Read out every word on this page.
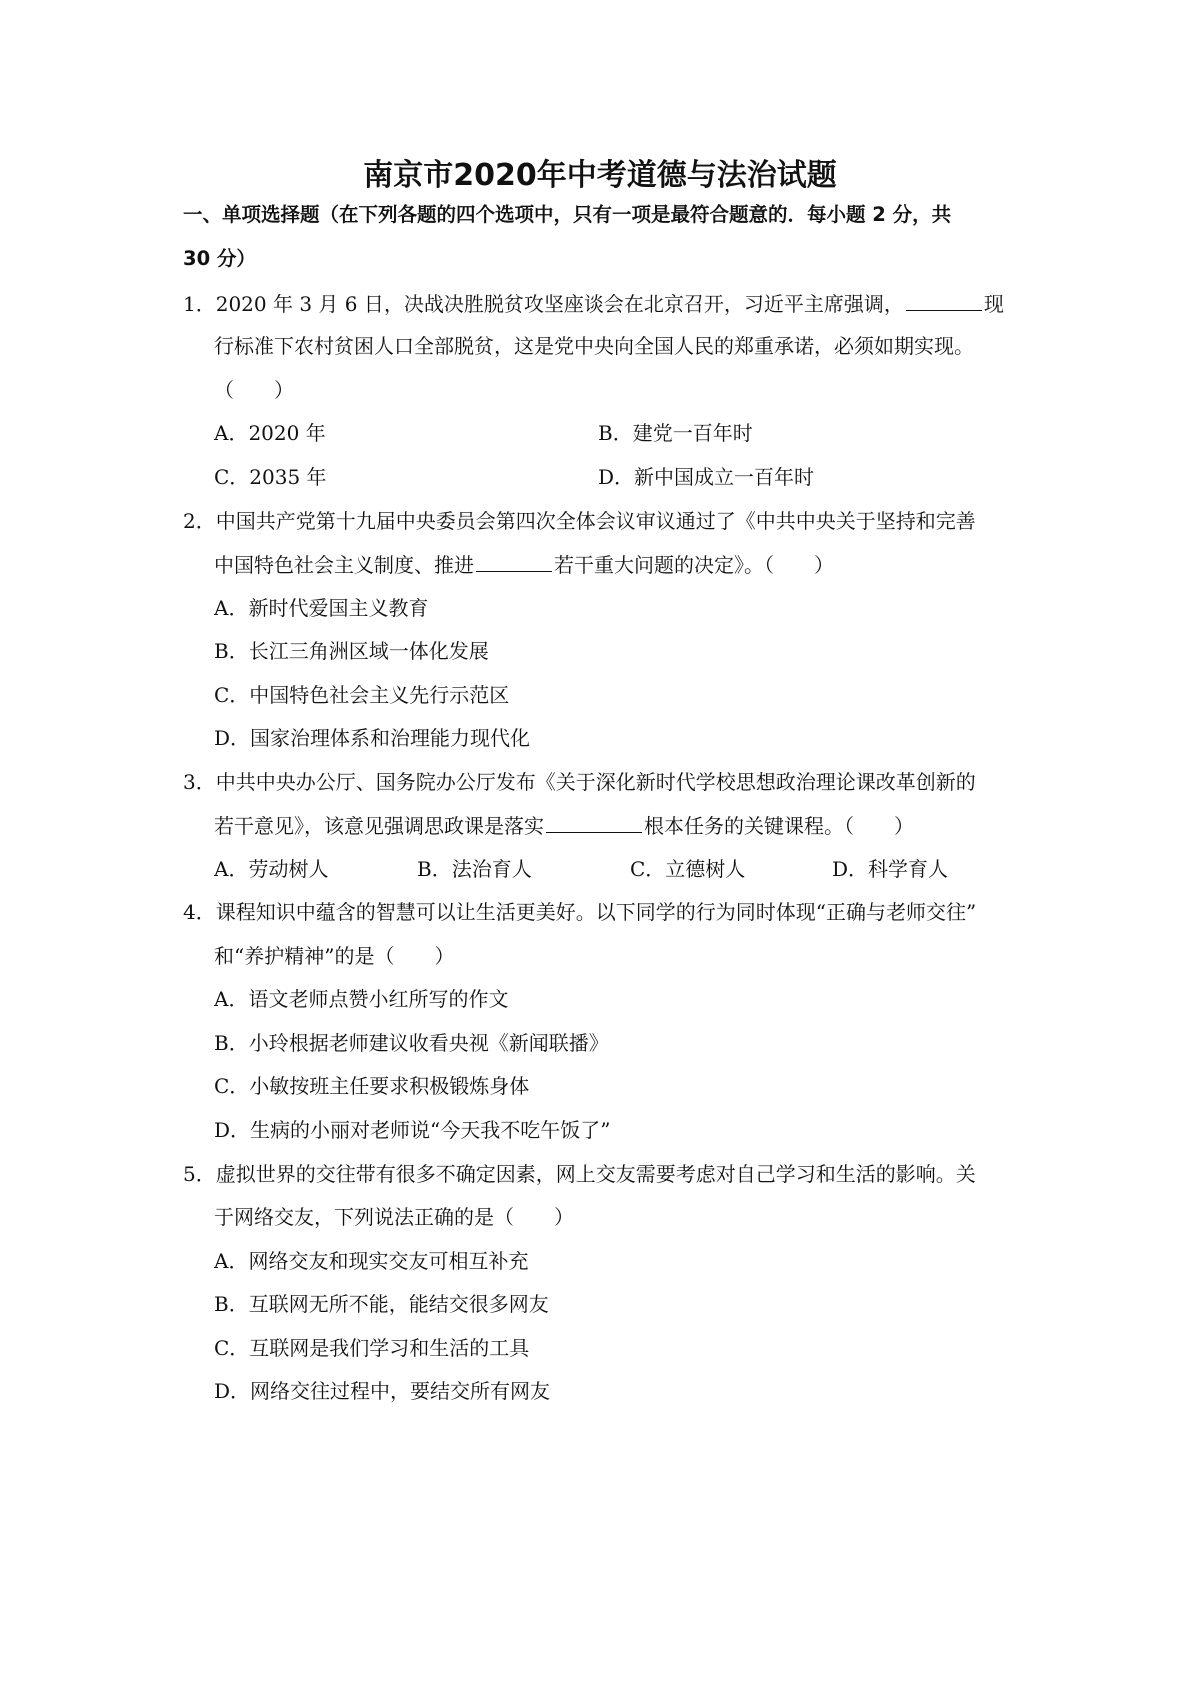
南京市2020年中考道德与法治试题
一、单项选择题（在下列各题的四个选项中，只有一项是最符合题意的．每小题 2 分，共
30 分）
1．2020 年 3 月 6 日，决战决胜脱贫攻坚座谈会在北京召开，习近平主席强调，	现
行标准下农村贫困人口全部脱贫，这是党中央向全国人民的郑重承诺，必须如期实现。
（　　）
A．2020 年	B．建党一百年时
C．2035 年	D．新中国成立一百年时
2．中国共产党第十九届中央委员会第四次全体会议审议通过了《中共中央关于坚持和完善
中国特色社会主义制度、推进	若干重大问题的决定》。（　　）
A．新时代爱国主义教育
B．长江三角洲区域一体化发展
C．中国特色社会主义先行示范区
D．国家治理体系和治理能力现代化
3．中共中央办公厅、国务院办公厅发布《关于深化新时代学校思想政治理论课改革创新的
若干意见》，该意见强调思政课是落实	根本任务的关键课程。（　　）
A．劳动树人	B．法治育人	C．立德树人	D．科学育人
4．课程知识中蕴含的智慧可以让生活更美好。以下同学的行为同时体现“正确与老师交往”
和“养护精神”的是（　　）
A．语文老师点赞小红所写的作文
B．小玲根据老师建议收看央视《新闻联播》
C．小敏按班主任要求积极锻炼身体
D．生病的小丽对老师说“今天我不吃午饭了”
5．虚拟世界的交往带有很多不确定因素，网上交友需要考虑对自己学习和生活的影响。关
于网络交友，下列说法正确的是（　　）
A．网络交友和现实交友可相互补充
B．互联网无所不能，能结交很多网友
C．互联网是我们学习和生活的工具
D．网络交往过程中，要结交所有网友
